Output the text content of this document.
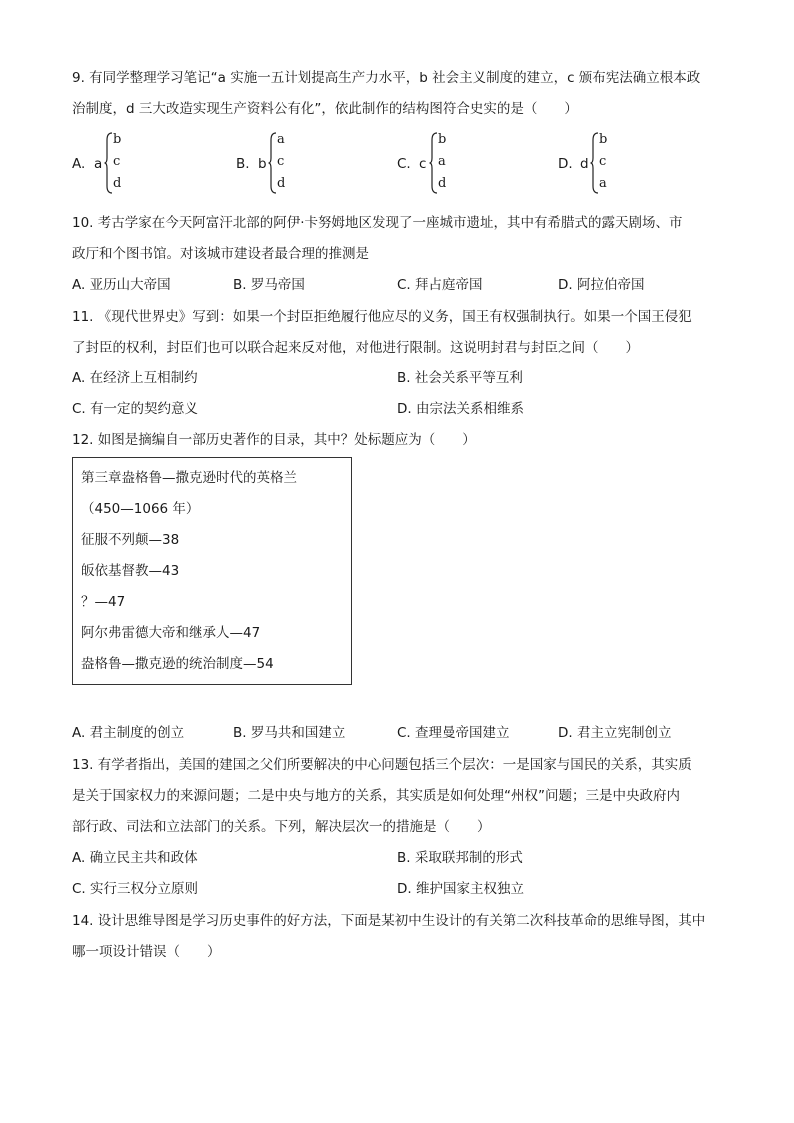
9. 有同学整理学习笔记“a 实施一五计划提高生产力水平，b 社会主义制度的建立，c 颁布宪法确立根本政
治制度，d 三大改造实现生产资料公有化”，依此制作的结构图符合史实的是（　　）
A. a
b
c
d
B. b
a
c
d
C. c
b
a
d
D. d
b
c
a
10. 考古学家在今天阿富汗北部的阿伊·卡努姆地区发现了一座城市遗址，其中有希腊式的露天剧场、市
政厅和个图书馆。对该城市建设者最合理的推测是
A. 亚历山大帝国	B. 罗马帝国	C. 拜占庭帝国	D. 阿拉伯帝国
11. 《现代世界史》写到：如果一个封臣拒绝履行他应尽的义务，国王有权强制执行。如果一个国王侵犯
了封臣的权利，封臣们也可以联合起来反对他，对他进行限制。这说明封君与封臣之间（　　）
A. 在经济上互相制约	B. 社会关系平等互利
C. 有一定的契约意义	D. 由宗法关系相维系
12. 如图是摘编自一部历史著作的目录，其中？处标题应为（　　）
第三章盎格鲁—撒克逊时代的英格兰
（450—1066 年）
征服不列颠—38
皈依基督教—43
？—47
阿尔弗雷德大帝和继承人—47
盎格鲁—撒克逊的统治制度—54
A. 君主制度的创立	B. 罗马共和国建立	C. 查理曼帝国建立	D. 君主立宪制创立
13. 有学者指出，美国的建国之父们所要解决的中心问题包括三个层次：一是国家与国民的关系，其实质
是关于国家权力的来源问题；二是中央与地方的关系，其实质是如何处理“州权”问题；三是中央政府内
部行政、司法和立法部门的关系。下列，解决层次一的措施是（　　）
A. 确立民主共和政体	B. 采取联邦制的形式
C. 实行三权分立原则	D. 维护国家主权独立
14. 设计思维导图是学习历史事件的好方法，下面是某初中生设计的有关第二次科技革命的思维导图，其中
哪一项设计错误（　　）
